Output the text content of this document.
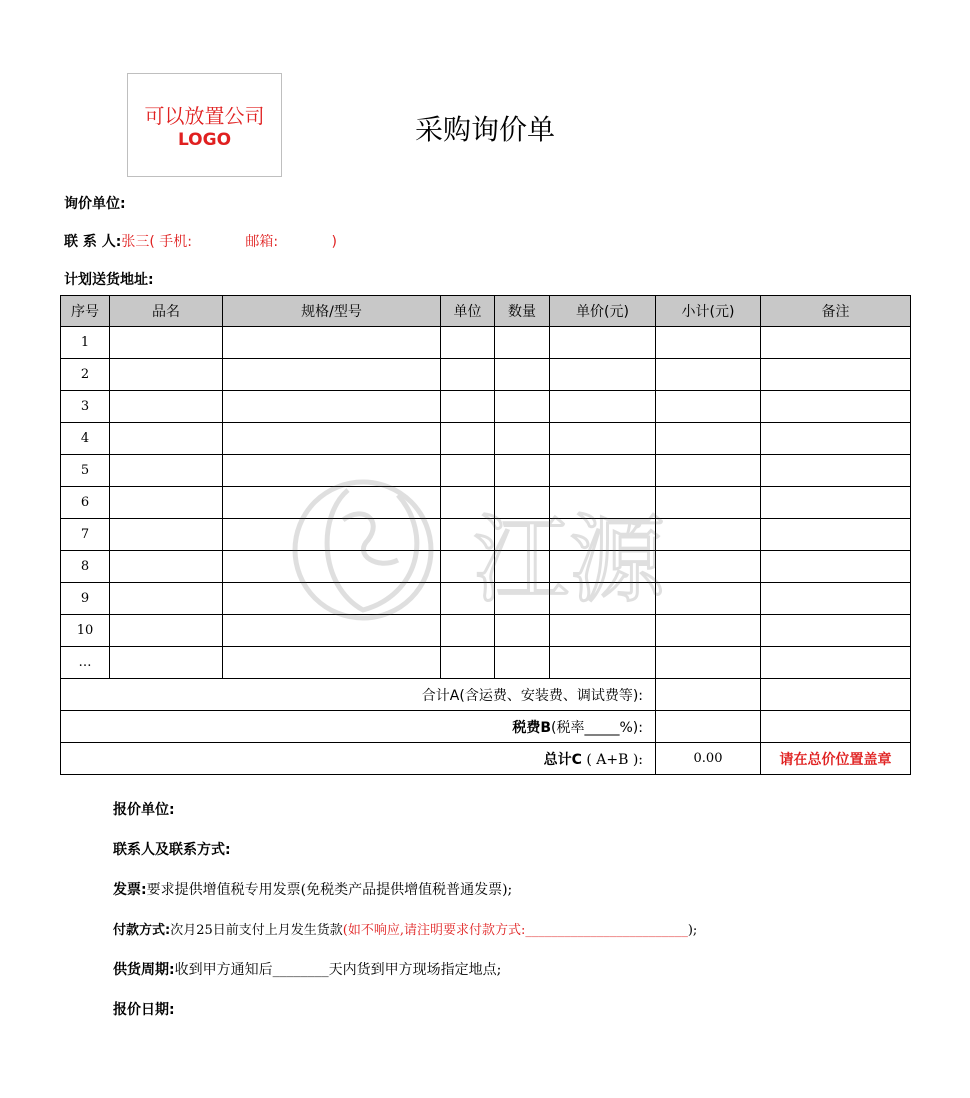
可以放置公司
LOGO	采购询价单
询价单位:
联 系 人:张三( 手机:            邮箱:            )
计划送货地址:
序号	品名	规格/型号	单位	数量	单价(元)	小计(元)	备注
1							
2							
3							
4							
5							
6							
7							
8							
9							
10							
…							
合计A(含运费、安装费、调试费等):							
税费B(税率_____%):							
总计C ( A+B ):						0.00	请在总价位置盖章
江源
报价单位:
联系人及联系方式:
发票:要求提供增值税专用发票(免税类产品提供增值税普通发票);
付款方式:次月25日前支付上月发生货款(如不响应,请注明要求付款方式:_________________________);
供货周期:收到甲方通知后________天内货到甲方现场指定地点;
报价日期:
